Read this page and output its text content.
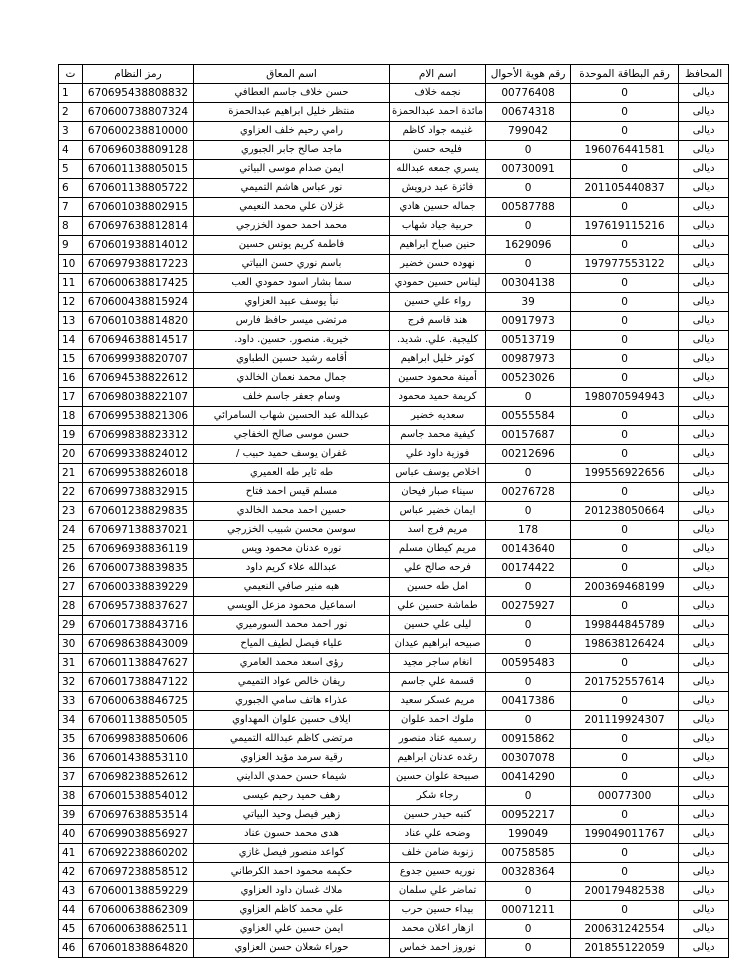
ت	رمز النظام	اسم المعاق	اسم الام	رقم هوية الأحوال	رقم البطاقة الموحدة	المحافظ
1	670695438808832	حسن خلاف جاسم العطافي	نجمه خلاف	00776408	0	ديالى
2	670600738807324	منتظر خليل ابراهيم عبدالحمزة	مائدة احمد عبدالحمزة	00674318	0	ديالى
3	670600238810000	رامي رحيم خلف العزاوي	غنيمه جواد كاظم	799042	0	ديالى
4	670696038809128	ماجد صالح جابر الجبوري	فليحه حسن	0	196076441581	ديالى
5	670601138805015	ايمن صدام موسى البياتي	يسري جمعه عبدالله	00730091	0	ديالى
6	670601138805722	نور عباس هاشم التميمي	فائزة عبد درويش	0	201105440837	ديالى
7	670601038802915	غزلان علي محمد النعيمي	جماله حسين هادي	00587788	0	ديالى
8	670697638812814	محمد احمد حمود الخزرجي	حربية جياد شهاب	0	197619115216	ديالى
9	670601938814012	فاطمة كريم يونس حسين	حنين صباح ابراهيم	1629096	0	ديالى
10	670697938817223	باسم نوري حسن البياتي	نهوده حسن خضير	0	197977553122	ديالى
11	670600638817425	سما بشار اسود حمودي العب	ليناس حسين حمودي	00304138	0	ديالى
12	670600438815924	نبأ يوسف عبيد العزاوي	رواء علي حسين	39	0	ديالى
13	670601038814820	مرتضى ميسر حافظ فارس	هند قاسم فرج	00917973	0	ديالى
14	670694638814517	خيرية. منصور. حسين. داود.	كليجية. علي. شديد.	00513719	0	ديالى
15	670699938820707	أقامه رشيد حسين الطباوي	كوثر خليل ابراهيم	00987973	0	ديالى
16	670694538822612	جمال محمد نعمان الخالدي	أمينة محمود حسين	00523026	0	ديالى
17	670698038822107	وسام جعفر جاسم خلف	كريمة حميد محمود	0	198070594943	ديالى
18	670699538821306	عبدالله عبد الحسين شهاب السامرائي	سعديه خضير	00555584	0	ديالى
19	670699838823312	حسن موسى صالح الخفاجي	كيفية محمد جاسم	00157687	0	ديالى
20	670699338824012	غفران يوسف حميد حبيب /	فوزية داود علي	00212696	0	ديالى
21	670699538826018	طه ثاير طه العميري	اخلاص يوسف عباس	0	199556922656	ديالى
22	670699738832915	مسلم قيس احمد فتاح	سيناء صبار فيحان	00276728	0	ديالى
23	670601238829835	حسين احمد محمد الخالدي	ايمان خضير عباس	0	201238050664	ديالى
24	670697138837021	سوسن محسن شبيب الخزرجي	مريم فرج اسد	178	0	ديالى
25	670696938836119	نوره عدنان محمود ويس	مريم كيطان مسلم	00143640	0	ديالى
26	670600738839835	عبدالله علاء كريم داود	فرحه صالح علي	00174422	0	ديالى
27	670600338839229	هبه منير صافي النعيمي	امل طه حسين	0	200369468199	ديالى
28	670695738837627	اسماعيل محمود مزعل الويسي	طماشة حسين علي	00275927	0	ديالى
29	670601738843716	نور احمد محمد السورميري	ليلى علي حسين	0	199844845789	ديالى
30	670698638843009	علياء فيصل لطيف المياح	صبيحه ابراهيم عيدان	0	198638126424	ديالى
31	670601138847627	رؤى اسعد محمد العامري	انغام ساجر مجيد	00595483	0	ديالى
32	670601738847122	ريفان خالص عواد التميمي	قسمة علي جاسم	0	201752557614	ديالى
33	670600638846725	عذراء هاتف سامي الجبوري	مريم عسكر سعيد	00417386	0	ديالى
34	670601138850505	ايلاف حسين علوان المهداوي	ملوك احمد علوان	0	201119924307	ديالى
35	670699838850606	مرتضى كاظم عبدالله التميمي	رسميه عناد منصور	00915862	0	ديالى
36	670601438853110	رقية سرمد مؤيد العزاوي	رغده عدنان ابراهيم	00307078	0	ديالى
37	670698238852612	شيماء حسن حمدي الدايني	صبيحة علوان حسين	00414290	0	ديالى
38	670601538854012	رهف حميد رحيم عيسى	رجاء شكر	0	00077300	ديالى
39	670697638853514	زهير فيصل وحيد البياتي	كتبه حيدر حسين	00952217	0	ديالى
40	670699038856927	هدى محمد حسون عناد	وضحه علي عناد	199049	199049011767	ديالى
41	670692238860202	كواعد منصور فيصل غازي	زنوبة ضامن خلف	00758585	0	ديالى
42	670697238858512	حكيمه محمود احمد الكرطاني	نوريه حسين جدوع	00328364	0	ديالى
43	670600138859229	ملاك غسان داود العزاوي	تماضر علي سلمان	0	200179482538	ديالى
44	670600638862309	علي محمد كاظم العزاوي	بيداء حسين حرب	00071211	0	ديالى
45	670600638862511	ايمن حسين علي العزاوي	ازهار اعلان محمد	0	200631242554	ديالى
46	670601838864820	حوراء شعلان حسن العزاوي	نوروز احمد خماس	0	201855122059	ديالى
